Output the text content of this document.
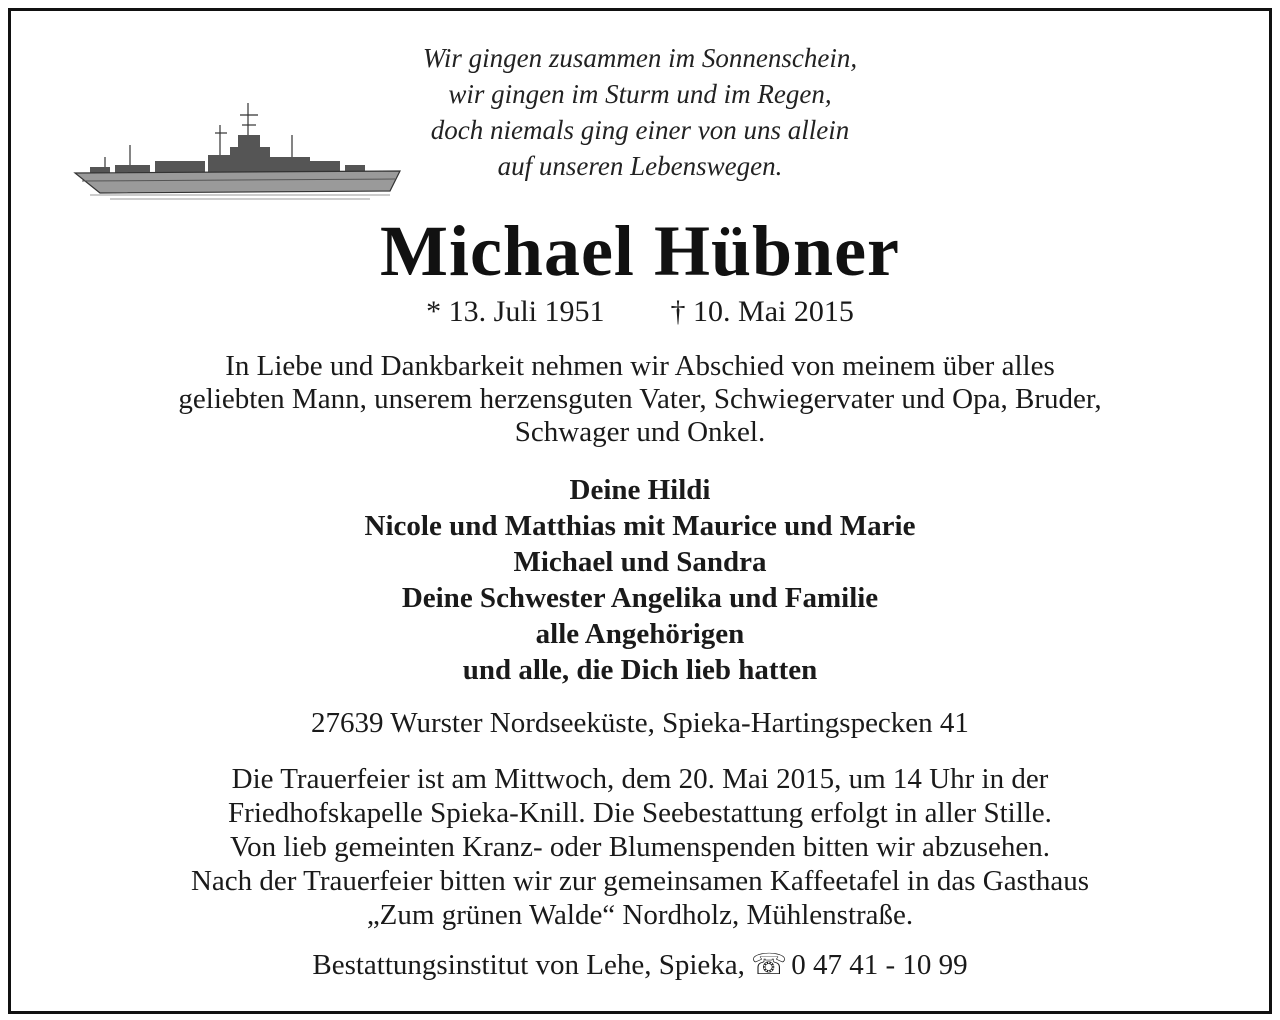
Wir gingen zusammen im Sonnenschein,
wir gingen im Sturm und im Regen,
doch niemals ging einer von uns allein
auf unseren Lebenswegen.
Michael Hübner
* 13. Juli 1951 † 10. Mai 2015
In Liebe und Dankbarkeit nehmen wir Abschied von meinem über alles
geliebten Mann, unserem herzensguten Vater, Schwiegervater und Opa, Bruder,
Schwager und Onkel.
Deine Hildi
Nicole und Matthias mit Maurice und Marie
Michael und Sandra
Deine Schwester Angelika und Familie
alle Angehörigen
und alle, die Dich lieb hatten
27639 Wurster Nordseeküste, Spieka-Hartingspecken 41
Die Trauerfeier ist am Mittwoch, dem 20. Mai 2015, um 14 Uhr in der
Friedhofskapelle Spieka-Knill. Die Seebestattung erfolgt in aller Stille.
Von lieb gemeinten Kranz- oder Blumenspenden bitten wir abzusehen.
Nach der Trauerfeier bitten wir zur gemeinsamen Kaffeetafel in das Gasthaus
„Zum grünen Walde“ Nordholz, Mühlenstraße.
Bestattungsinstitut von Lehe, Spieka, ☏ 0 47 41 - 10 99
